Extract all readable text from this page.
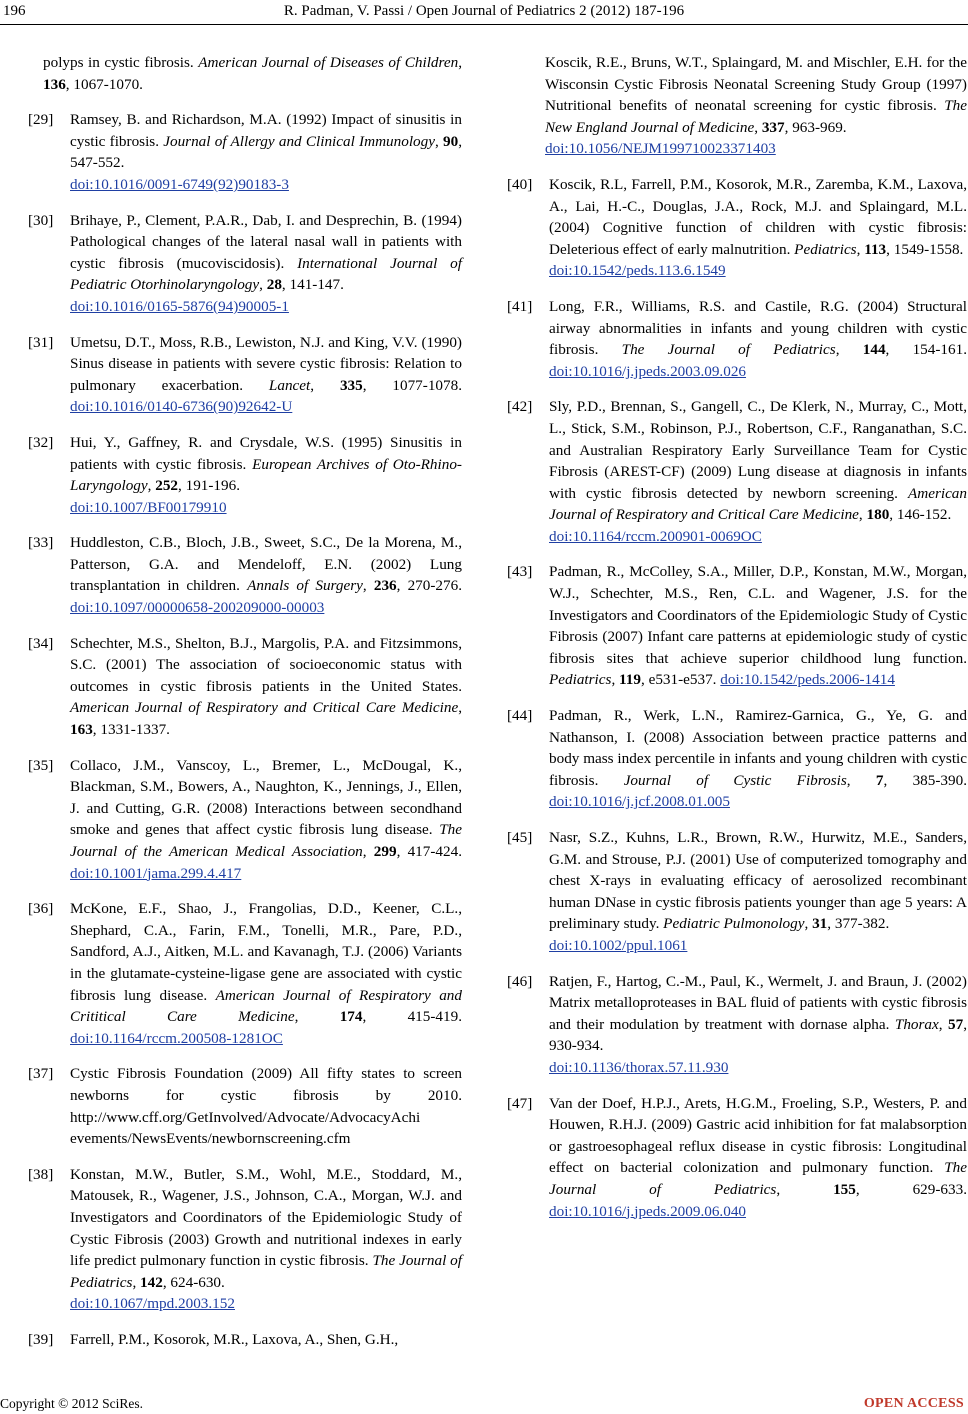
196	R. Padman, V. Passi / Open Journal of Pediatrics 2 (2012) 187-196
polyps in cystic fibrosis. American Journal of Diseases of Children, 136, 1067-1070.
[29] Ramsey, B. and Richardson, M.A. (1992) Impact of sinusitis in cystic fibrosis. Journal of Allergy and Clinical Immunology, 90, 547-552.
doi:10.1016/0091-6749(92)90183-3
[30] Brihaye, P., Clement, P.A.R., Dab, I. and Desprechin, B. (1994) Pathological changes of the lateral nasal wall in patients with cystic fibrosis (mucoviscidosis). International Journal of Pediatric Otorhinolaryngology, 28, 141-147.
doi:10.1016/0165-5876(94)90005-1
[31] Umetsu, D.T., Moss, R.B., Lewiston, N.J. and King, V.V. (1990) Sinus disease in patients with severe cystic fibrosis: Relation to pulmonary exacerbation. Lancet, 335, 1077-1078. doi:10.1016/0140-6736(90)92642-U
[32] Hui, Y., Gaffney, R. and Crysdale, W.S. (1995) Sinusitis in patients with cystic fibrosis. European Archives of Oto-Rhino-Laryngology, 252, 191-196.
doi:10.1007/BF00179910
[33] Huddleston, C.B., Bloch, J.B., Sweet, S.C., De la Morena, M., Patterson, G.A. and Mendeloff, E.N. (2002) Lung transplantation in children. Annals of Surgery, 236, 270-276. doi:10.1097/00000658-200209000-00003
[34] Schechter, M.S., Shelton, B.J., Margolis, P.A. and Fitzsimmons, S.C. (2001) The association of socioeconomic status with outcomes in cystic fibrosis patients in the United States. American Journal of Respiratory and Critical Care Medicine, 163, 1331-1337.
[35] Collaco, J.M., Vanscoy, L., Bremer, L., McDougal, K., Blackman, S.M., Bowers, A., Naughton, K., Jennings, J., Ellen, J. and Cutting, G.R. (2008) Interactions between secondhand smoke and genes that affect cystic fibrosis lung disease. The Journal of the American Medical Association, 299, 417-424. doi:10.1001/jama.299.4.417
[36] McKone, E.F., Shao, J., Frangolias, D.D., Keener, C.L., Shephard, C.A., Farin, F.M., Tonelli, M.R., Pare, P.D., Sandford, A.J., Aitken, M.L. and Kavanagh, T.J. (2006) Variants in the glutamate-cysteine-ligase gene are associated with cystic fibrosis lung disease. American Journal of Respiratory and Crititical Care Medicine, 174, 415-419. doi:10.1164/rccm.200508-1281OC
[37] Cystic Fibrosis Foundation (2009) All fifty states to screen newborns for cystic fibrosis by 2010. http://www.cff.org/GetInvolved/Advocate/AdvocacyAchi evements/NewsEvents/newbornscreening.cfm
[38] Konstan, M.W., Butler, S.M., Wohl, M.E., Stoddard, M., Matousek, R., Wagener, J.S., Johnson, C.A., Morgan, W.J. and Investigators and Coordinators of the Epidemiologic Study of Cystic Fibrosis (2003) Growth and nutritional indexes in early life predict pulmonary function in cystic fibrosis. The Journal of Pediatrics, 142, 624-630.
doi:10.1067/mpd.2003.152
[39] Farrell, P.M., Kosorok, M.R., Laxova, A., Shen, G.H.,
Koscik, R.E., Bruns, W.T., Splaingard, M. and Mischler, E.H. for the Wisconsin Cystic Fibrosis Neonatal Screening Study Group (1997) Nutritional benefits of neonatal screening for cystic fibrosis. The New England Journal of Medicine, 337, 963-969.
doi:10.1056/NEJM199710023371403
[40] Koscik, R.L, Farrell, P.M., Kosorok, M.R., Zaremba, K.M., Laxova, A., Lai, H.-C., Douglas, J.A., Rock, M.J. and Splaingard, M.L. (2004) Cognitive function of children with cystic fibrosis: Deleterious effect of early malnutrition. Pediatrics, 113, 1549-1558.
doi:10.1542/peds.113.6.1549
[41] Long, F.R., Williams, R.S. and Castile, R.G. (2004) Structural airway abnormalities in infants and young children with cystic fibrosis. The Journal of Pediatrics, 144, 154-161. doi:10.1016/j.jpeds.2003.09.026
[42] Sly, P.D., Brennan, S., Gangell, C., De Klerk, N., Murray, C., Mott, L., Stick, S.M., Robinson, P.J., Robertson, C.F., Ranganathan, S.C. and Australian Respiratory Early Surveillance Team for Cystic Fibrosis (AREST-CF) (2009) Lung disease at diagnosis in infants with cystic fibrosis detected by newborn screening. American Journal of Respiratory and Critical Care Medicine, 180, 146-152.
doi:10.1164/rccm.200901-0069OC
[43] Padman, R., McColley, S.A., Miller, D.P., Konstan, M.W., Morgan, W.J., Schechter, M.S., Ren, C.L. and Wagener, J.S. for the Investigators and Coordinators of the Epidemiologic Study of Cystic Fibrosis (2007) Infant care patterns at epidemiologic study of cystic fibrosis sites that achieve superior childhood lung function. Pediatrics, 119, e531-e537. doi:10.1542/peds.2006-1414
[44] Padman, R., Werk, L.N., Ramirez-Garnica, G., Ye, G. and Nathanson, I. (2008) Association between practice patterns and body mass index percentile in infants and young children with cystic fibrosis. Journal of Cystic Fibrosis, 7, 385-390. doi:10.1016/j.jcf.2008.01.005
[45] Nasr, S.Z., Kuhns, L.R., Brown, R.W., Hurwitz, M.E., Sanders, G.M. and Strouse, P.J. (2001) Use of computerized tomography and chest X-rays in evaluating efficacy of aerosolized recombinant human DNase in cystic fibrosis patients younger than age 5 years: A preliminary study. Pediatric Pulmonology, 31, 377-382.
doi:10.1002/ppul.1061
[46] Ratjen, F., Hartog, C.-M., Paul, K., Wermelt, J. and Braun, J. (2002) Matrix metalloproteases in BAL fluid of patients with cystic fibrosis and their modulation by treatment with dornase alpha. Thorax, 57, 930-934.
doi:10.1136/thorax.57.11.930
[47] Van der Doef, H.P.J., Arets, H.G.M., Froeling, S.P., Westers, P. and Houwen, R.H.J. (2009) Gastric acid inhibition for fat malabsorption or gastroesophageal reflux disease in cystic fibrosis: Longitudinal effect on bacterial colonization and pulmonary function. The Journal of Pediatrics, 155, 629-633. doi:10.1016/j.jpeds.2009.06.040
Copyright © 2012 SciRes.	OPEN ACCESS
